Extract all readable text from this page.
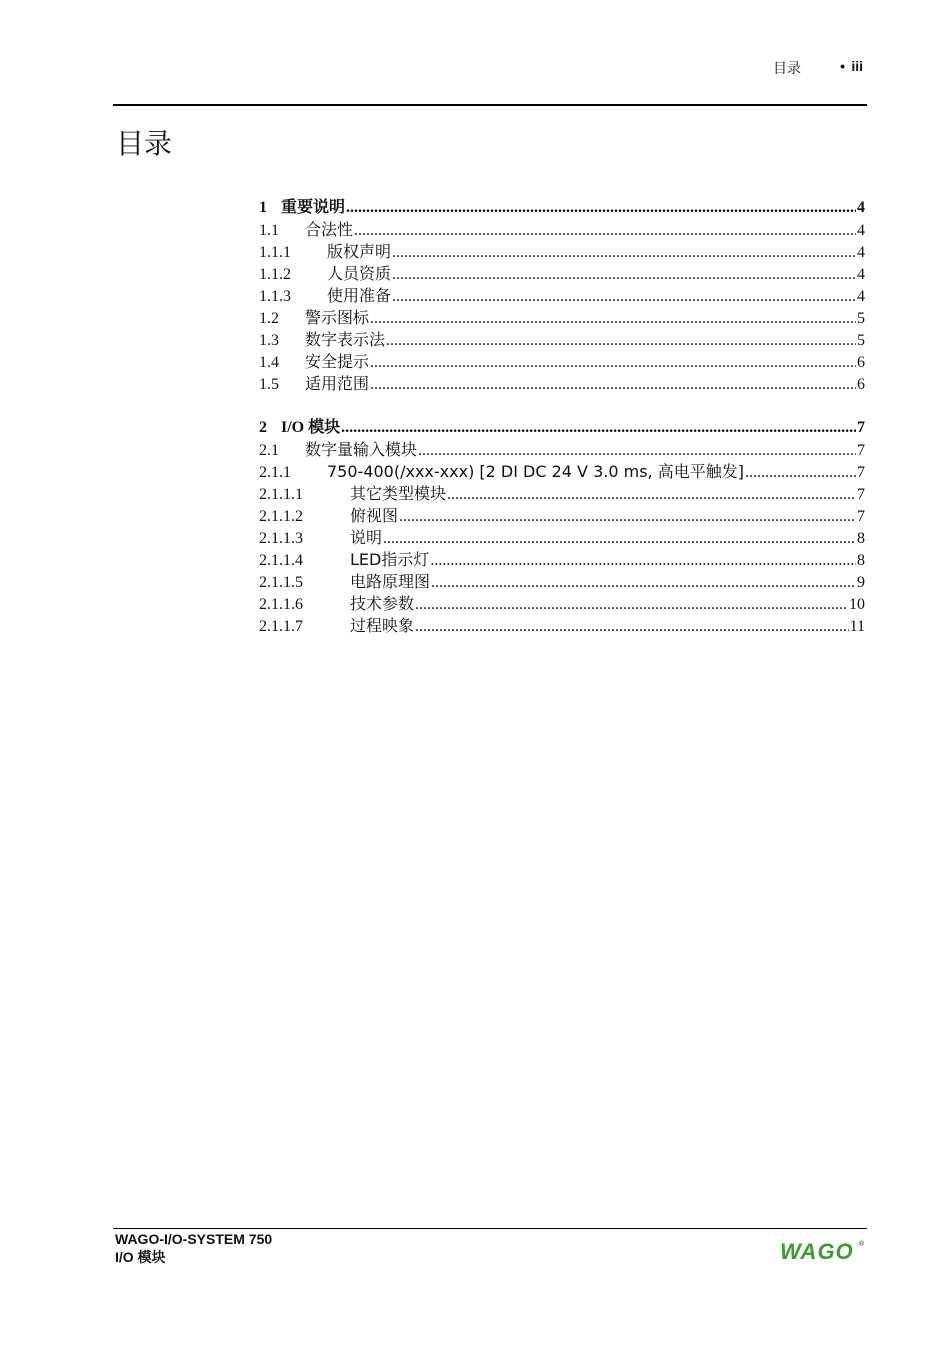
目录	• iii
目录
1 重要说明 .....	4
1.1	合法性 .....	4
1.1.1	版权声明 .....	4
1.1.2	人员资质 .....	4
1.1.3	使用准备 .....	4
1.2	警示图标 .....	5
1.3	数字表示法 .....	5
1.4	安全提示 .....	6
1.5	适用范围 .....	6
2 I/O 模块 .....	7
2.1	数字量输入模块 .....	7
2.1.1	750-400(/xxx-xxx) [2 DI DC 24 V 3.0 ms, 高电平触发] .....	7
2.1.1.1	其它类型模块 .....	7
2.1.1.2	俯视图 .....	7
2.1.1.3	说明 .....	8
2.1.1.4	LED指示灯 .....	8
2.1.1.5	电路原理图 .....	9
2.1.1.6	技术参数 .....	10
2.1.1.7	过程映象 .....	11
WAGO-I/O-SYSTEM 750
I/O 模块	WAGO ®
